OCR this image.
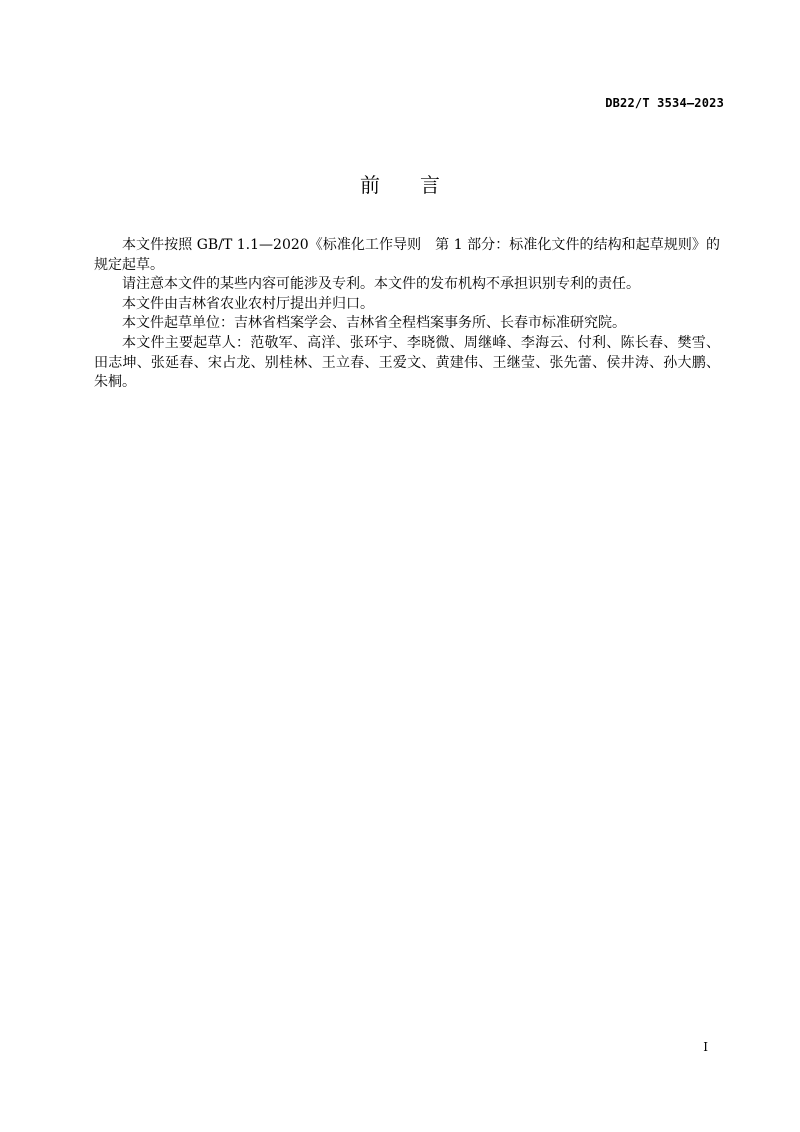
DB22/T 3534—2023
前言

本文件按照 GB/T 1.1—2020《标准化工作导则　第 1 部分：标准化文件的结构和起草规则》的规定起草。

请注意本文件的某些内容可能涉及专利。本文件的发布机构不承担识别专利的责任。

本文件由吉林省农业农村厅提出并归口。

本文件起草单位：吉林省档案学会、吉林省全程档案事务所、长春市标准研究院。

本文件主要起草人：范敬军、高洋、张环宇、李晓微、周继峰、李海云、付利、陈长春、樊雪、田志坤、张延春、宋占龙、别桂林、王立春、王爱文、黄建伟、王继莹、张先蕾、侯井涛、孙大鹏、朱桐。

I
